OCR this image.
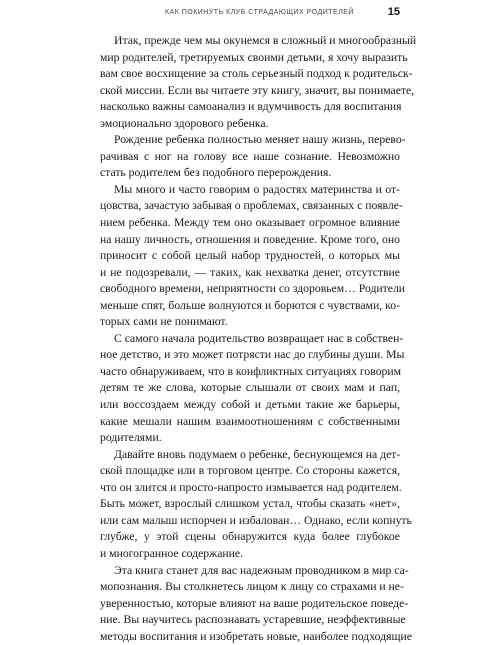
КАК ПОКИНУТЬ КЛУБ СТРАДАЮЩИХ РОДИТЕЛЕЙ	15
Итак, прежде чем мы окунемся в сложный и многообразный
мир родителей, третируемых своими детьми, я хочу выразить
вам свое восхищение за столь серьезный подход к родительск-
ской миссии. Если вы читаете эту книгу, значит, вы понимаете,
насколько важны самоанализ и вдумчивость для воспитания
эмоционально здорового ребенка.
Рождение ребенка полностью меняет нашу жизнь, перево-
рачивая с ног на голову все наше сознание. Невозможно
стать родителем без подобного перерождения.
Мы много и часто говорим о радостях материнства и от-
цовства, зачастую забывая о проблемах, связанных с появле-
нием ребенка. Между тем оно оказывает огромное влияние
на нашу личность, отношения и поведение. Кроме того, оно
приносит с собой целый набор трудностей, о которых мы
и не подозревали, — таких, как нехватка денег, отсутствие
свободного времени, неприятности со здоровьем… Родители
меньше спят, больше волнуются и борются с чувствами, ко-
торых сами не понимают.
С самого начала родительство возвращает нас в собствен-
ное детство, и это может потрясти нас до глубины души. Мы
часто обнаруживаем, что в конфликтных ситуациях говорим
детям те же слова, которые слышали от своих мам и пап,
или воссоздаем между собой и детьми такие же барьеры,
какие мешали нашим взаимоотношениям с собственными
родителями.
Давайте вновь подумаем о ребенке, беснующемся на дет-
ской площадке или в торговом центре. Со стороны кажется,
что он злится и просто-напросто измывается над родителем.
Быть может, взрослый слишком устал, чтобы сказать «нет»,
или сам малыш испорчен и избалован… Однако, если копнуть
глубже, у этой сцены обнаружится куда более глубокое
и многогранное содержание.
Эта книга станет для вас надежным проводником в мир са-
мопознания. Вы столкнетесь лицом к лицу со страхами и не-
уверенностью, которые влияют на ваше родительское поведе-
ние. Вы научитесь распознавать устаревшие, неэффективные
методы воспитания и изобретать новые, наиболее подходящие
